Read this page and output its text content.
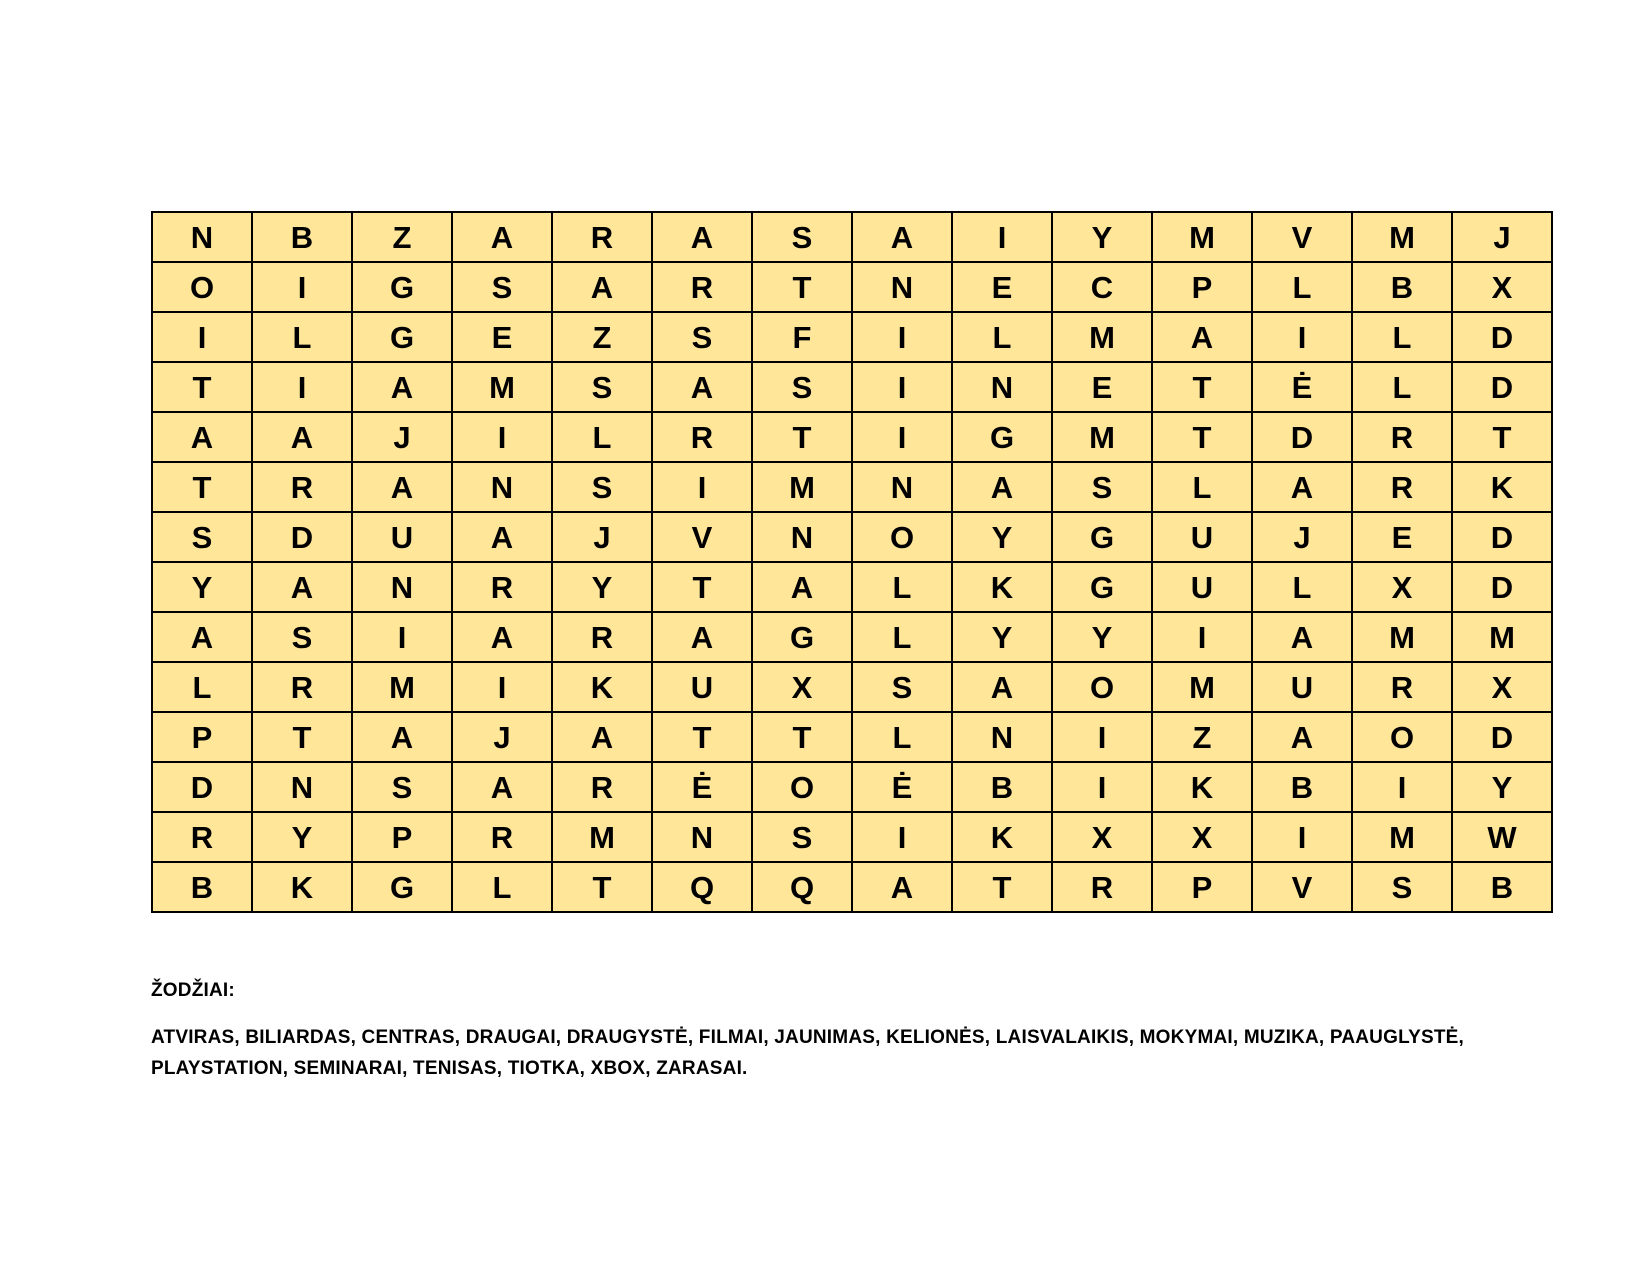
N	B	Z	A	R	A	S	A	I	Y	M	V	M	J
O	I	G	S	A	R	T	N	E	C	P	L	B	X
I	L	G	E	Z	S	F	I	L	M	A	I	L	D
T	I	A	M	S	A	S	I	N	E	T	Ė	L	D
A	A	J	I	L	R	T	I	G	M	T	D	R	T
T	R	A	N	S	I	M	N	A	S	L	A	R	K
S	D	U	A	J	V	N	O	Y	G	U	J	E	D
Y	A	N	R	Y	T	A	L	K	G	U	L	X	D
A	S	I	A	R	A	G	L	Y	Y	I	A	M	M
L	R	M	I	K	U	X	S	A	O	M	U	R	X
P	T	A	J	A	T	T	L	N	I	Z	A	O	D
D	N	S	A	R	Ė	O	Ė	B	I	K	B	I	Y
R	Y	P	R	M	N	S	I	K	X	X	I	M	W
B	K	G	L	T	Q	Q	A	T	R	P	V	S	B
ŽODŽIAI:
ATVIRAS, BILIARDAS, CENTRAS, DRAUGAI, DRAUGYSTĖ, FILMAI, JAUNIMAS, KELIONĖS, LAISVALAIKIS, MOKYMAI, MUZIKA, PAAUGLYSTĖ, PLAYSTATION, SEMINARAI, TENISAS, TIOTKA, XBOX, ZARASAI.
